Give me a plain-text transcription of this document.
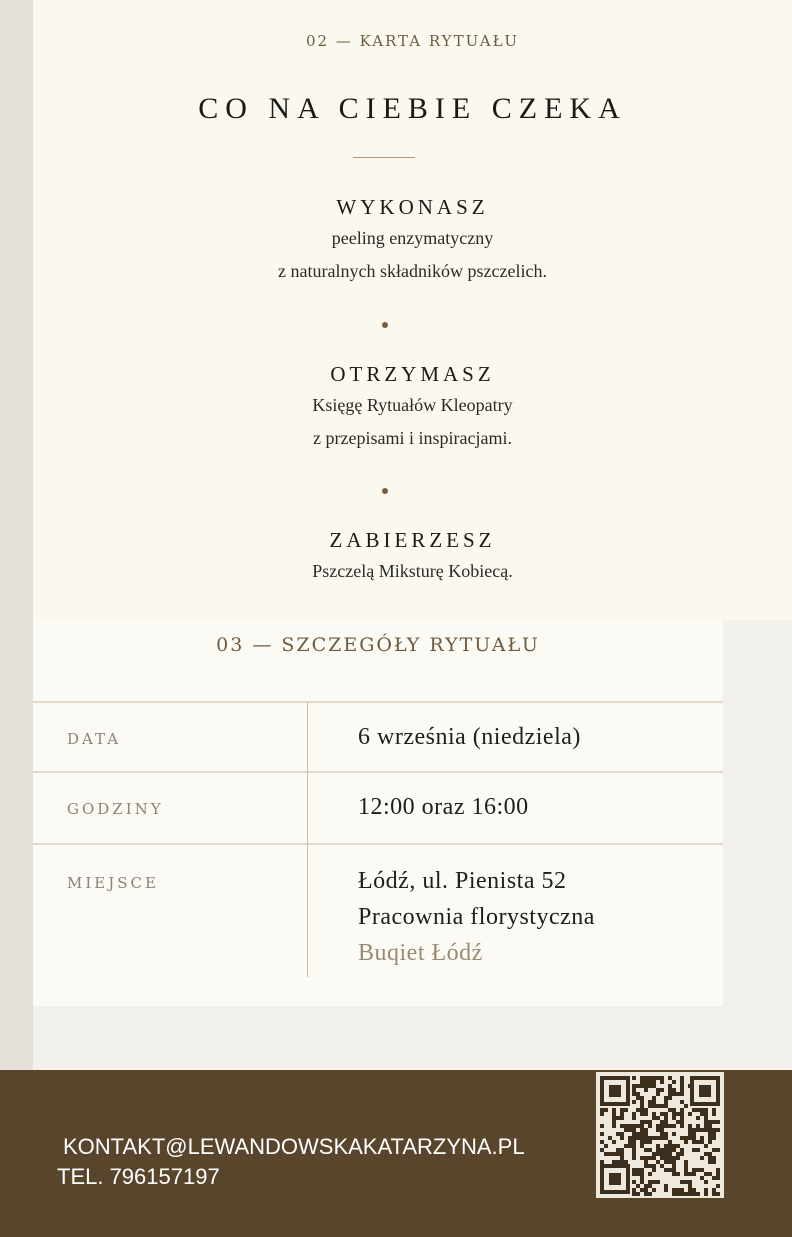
02 — KARTA RYTUAŁU
CO NA CIEBIE CZEKA
WYKONASZ
peeling enzymatyczny
z naturalnych składników pszczelich.
OTRZYMASZ
Księgę Rytuałów Kleopatry
z przepisami i inspiracjami.
ZABIERZESZ
Pszczelą Miksturę Kobiecą.
03 — SZCZEGÓŁY RYTUAŁU
DATA	6 września (niedziela)
GODZINY	12:00 oraz 16:00
MIEJSCE	Łódź, ul. Pienista 52
Pracownia florystyczna
Buqiet Łódź
KONTAKT@LEWANDOWSKAKATARZYNA.PL
TEL. 796157197
